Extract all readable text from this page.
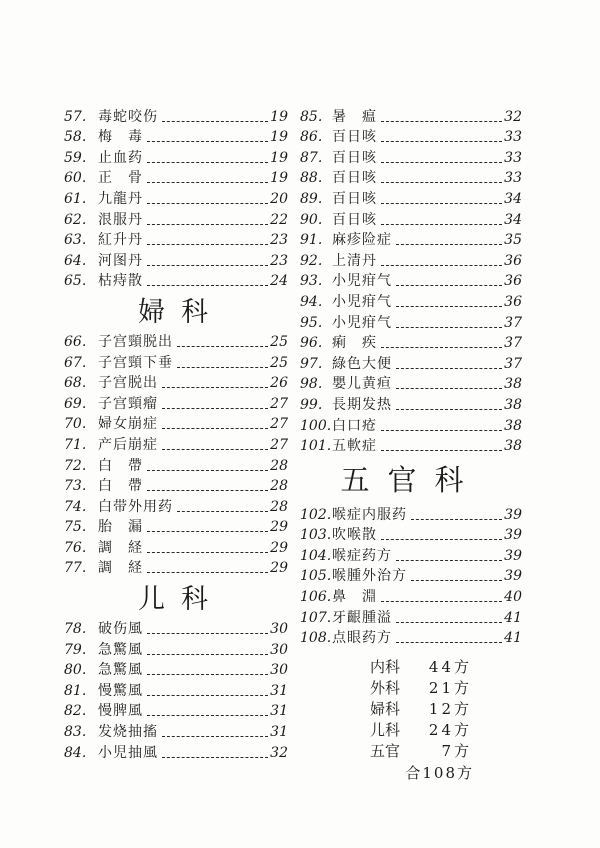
57. 毒蛇咬伤	19
58. 梅　毒	19
59. 止血药	19
60. 正　骨	19
61. 九龍丹	20
62. 泿服丹	22
63. 紅升丹	23
64. 河图丹	23
65. 枯痔散	24
婦科
66. 子宫頸脱出	25
67. 子宫頸下垂	25
68. 子宫脱出	26
69. 子宫頸瘤	27
70. 婦女崩症	27
71. 产后崩症	27
72. 白　帶	28
73. 白　帶	28
74. 白带外用药	28
75. 胎　漏	29
76. 調　経	29
77. 調　経	29
儿科
78. 破伤風	30
79. 急驚風	30
80. 急驚風	30
81. 慢驚風	31
82. 慢脾風	31
83. 发烧抽搐	31
84. 小児抽風	32
85. 暑　瘟	32
86. 百日咳	33
87. 百日咳	33
88. 百日咳	33
89. 百日咳	34
90. 百日咳	34
91. 麻疹险症	35
92. 上清丹	36
93. 小児疳气	36
94. 小児疳气	36
95. 小児疳气	37
96. 痢　疾	37
97. 綠色大便	37
98. 嬰儿黄疸	38
99. 長期发热	38
100. 白口疮	38
101. 五軟症	38
五官科
102. 喉症内服药	39
103. 吹喉散	39
104. 喉症药方	39
105. 喉腫外治方	39
106. 鼻　淵	40
107. 牙齦腫溢	41
108. 点眼药方	41
内科	44方
外科	21方
婦科	12方
儿科	24方
五官	7方
合108方
